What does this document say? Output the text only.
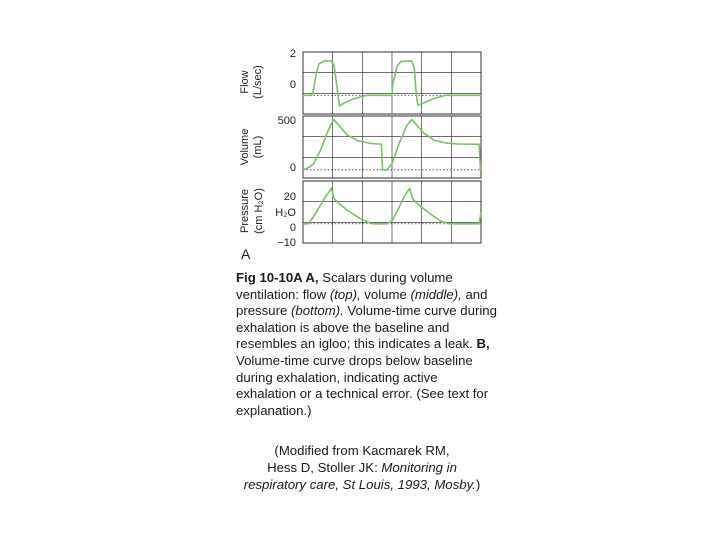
2
0
Flow (L/sec)
500
0
Volume (mL)
20
H₂O
0
−10
Pressure (cm H₂O)
A
Fig 10-10A A, Scalars during volume ventilation: flow (top), volume (middle), and pressure (bottom). Volume-time curve during exhalation is above the baseline and resembles an igloo; this indicates a leak. B, Volume-time curve drops below baseline during exhalation, indicating active exhalation or a technical error. (See text for explanation.)
(Modified from Kacmarek RM,
Hess D, Stoller JK: Monitoring in
respiratory care, St Louis, 1993, Mosby.)
